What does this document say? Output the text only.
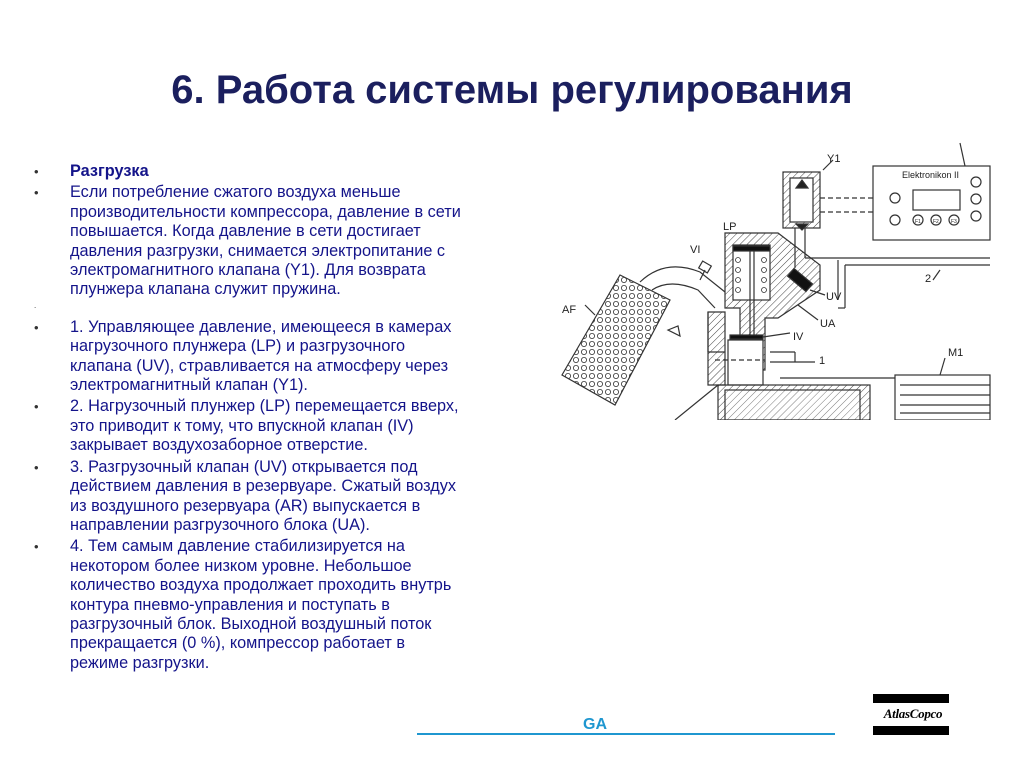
6. Работа системы регулирования
• Разгрузка
• Если потребление сжатого воздуха меньше
производительности компрессора, давление в сети
повышается. Когда давление в сети достигает
давления разгрузки, снимается электропитание с
электромагнитного клапана (Y1). Для возврата
плунжера клапана служит пружина.
.
• 1. Управляющее давление, имеющееся в камерах
нагрузочного плунжера (LP) и разгрузочного
клапана (UV), стравливается на атмосферу через
электромагнитный клапан (Y1).
• 2. Нагрузочный плунжер (LP) перемещается вверх,
это приводит к тому, что впускной клапан (IV)
закрывает воздухозаборное отверстие.
• 3. Разгрузочный клапан (UV) открывается под
действием давления в резервуаре. Сжатый воздух
из воздушного резервуара (AR) выпускается в
направлении разгрузочного блока (UA).
• 4. Тем самым давление стабилизируется на
некотором более низком уровне. Небольшое
количество воздуха продолжает проходить внутрь
контура пневмо-управления и поступать в
разгрузочный блок. Выходной воздушный поток
прекращается (0 %), компрессор работает в
режиме разгрузки.
Y1
Elektronikon II
F1 F2 F3
LP
VI
AF
UV
UA
IV
1
2
M1
GA
AtlasCopco
